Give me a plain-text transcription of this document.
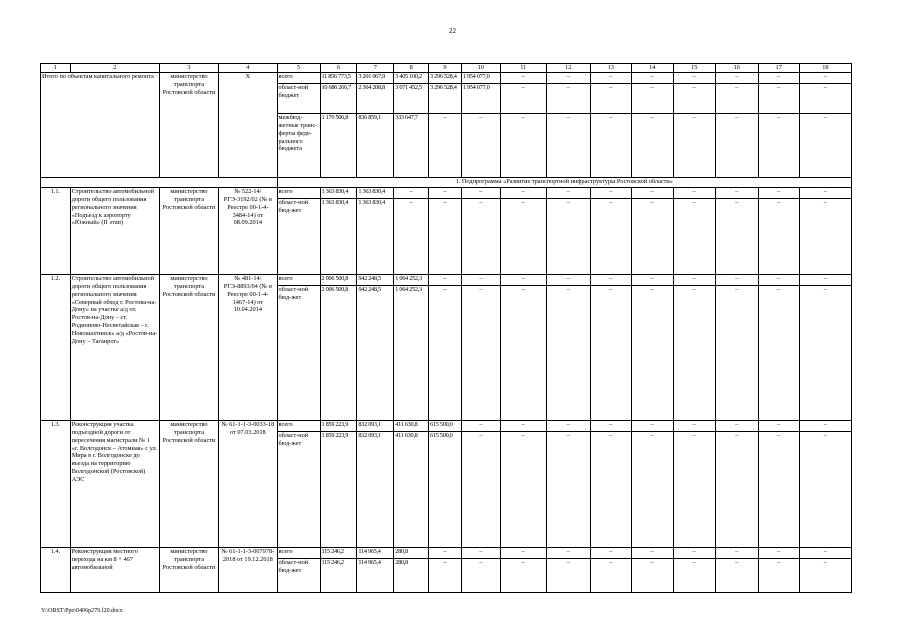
22
1	2	3	4	5	6	7	8	9	10	11	12	13	14	15	16	17	18
Итого по объектам капитального ремонта		министерство транспорта Ростовской области	Х	всего	11 856 773,5	3 201 067,9	3 405 100,2	3 296 528,4	1 954 077,0	–	–	–	–	–	–	–	–
				област-ной бюджет	10 686 266,7	2 364 208,8	3 071 452,5	3 296 528,4	1 954 077,0	–	–	–	–	–	–	–	–
				межбюд-жетные транс-ферты феде-рального бюджета	1 170 506,8	836 859,1	333 647,7	–	–	–	–	–	–	–	–	–	–
				1. Подпрограмма «Развитие транспортной инфраструктуры Ростовской области»													
1.1.	Строительство автомобильной дороги общего пользования регионального значения «Подъезд к аэропорту «Южный» (II этап)	министерство транспорта Ростовской области	№ 522-14/РГЭ-3192/02 (№ в Реестре 00-1-4-3484-14) от 08.09.2014	всего	1 363 830,4	1 363 830,4	–	–	–	–	–	–	–	–	–	–	–
				област-ной бюд-жет	1 363 830,4	1 363 830,4	–	–	–	–	–	–	–	–	–	–	–
1.2.	Строительство автомобильной дороги общего пользования регионального значения «Северный обход г. Ростова-на-Дону» на участке а/д от. Ростов-на-Дону – ст. Родионово-Несветайская – г. Новошахтинск» а/д «Ростов-на-Дону – Таганрог»	министерство транспорта Ростовской области	№ 481-14/РГЭ-8893/04 (№ в Реестре 00-1-4-1467-14) от 10.04.2014	всего	2 006 500,8	942 248,5	1 064 252,3	–	–	–	–	–	–	–	–	–	–
				област-ной бюд-жет	2 006 500,8	942 248,5	1 064 252,3	–	–	–	–	–	–	–	–	–	–
1.3.	Реконструкция участка подъездной дороги от пересечения магистрали № 1 «г. Волгодонск – Атомная» с ул. Мира в г. Волгодонске до въезда на территорию Волгодонской (Ростовской) АЭС	министерство транспорта Ростовской области	№ 61-1-1-3-0033-18 от 07.03.2018	всего	1 859 223,9	832 093,1	411 630,8	615 500,0	–	–	–	–	–	–	–	–	–
				област-ной бюд-жет	1 859 223,9	832 093,1	411 630,8	615 500,0	–	–	–	–	–	–	–	–	–
1.4.	Реконструкция местного перехода на км 8 + 467 автомобильной	министерство транспорта Ростовской области	№ 61-1-1-3-007978-2018 от 19.12.2018	всего	115 246,2	114 965,4	280,8	–	–	–	–	–	–	–	–	–	–
				област-ной бюд-жет	115 246,2	114 965,4	280,8	–	–	–	–	–	–	–	–	–	–
Y:\ORST\Ppo\0406p279.f20.docx
